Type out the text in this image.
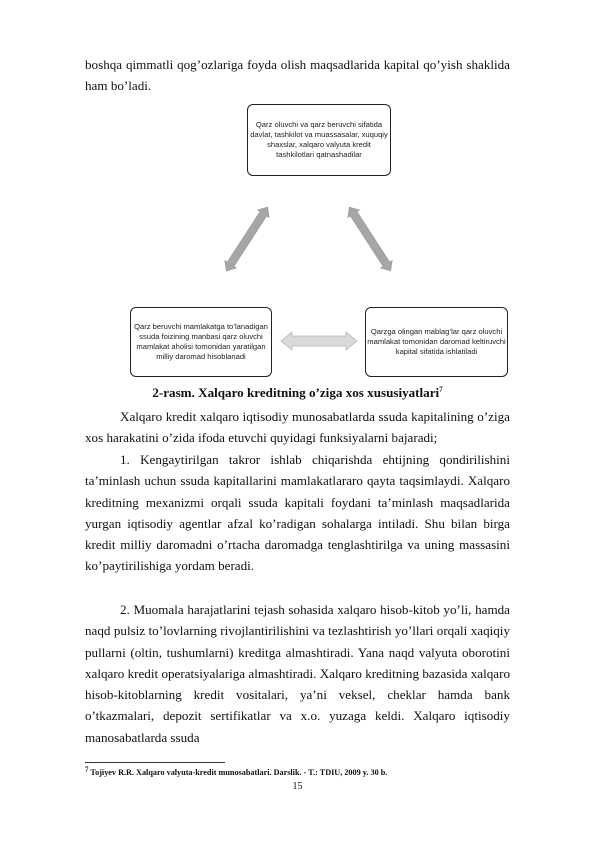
boshqa qimmatli qog’ozlariga foyda olish maqsadlarida kapital qo’yish shaklida ham bo’ladi.

Qarz oluvchi va qarz beruvchi sifatida davlat, tashkilot va muassasalar, xuquqiy shaxslar, xalqaro valyuta kredit tashkilotlari qatnashadilar
Qarz beruvchi mamlakatga to’lanadigan ssuda foizining manbasi qarz oluvchi mamlakat aholisi tomonidan yaratilgan milliy daromad hisoblanadi
Qarzga olingan mablag’lar qarz oluvchi mamlakat tomonidan daromad keltiruvchi kapital sifatida ishlatiladi
2-rasm. Xalqaro kreditning o’ziga xos xususiyatlari$^7$

Xalqaro kredit xalqaro iqtisodiy munosabatlarda ssuda kapitalining o’ziga xos harakatini o’zida ifoda etuvchi quyidagi funksiyalarni bajaradi;

1. Kengaytirilgan takror ishlab chiqarishda ehtijning qondirilishini ta’minlash uchun ssuda kapitallarini mamlakatlararo qayta taqsimlaydi. Xalqaro kreditning mexanizmi orqali ssuda kapitali foydani ta’minlash maqsadlarida yurgan iqtisodiy agentlar afzal ko’radigan sohalarga intiladi. Shu bilan birga kredit milliy daromadni o’rtacha daromadga tenglashtirilga va uning massasini ko’paytirilishiga yordam beradi.

2. Muomala harajatlarini tejash sohasida xalqaro hisob-kitob yo’li, hamda naqd pulsiz to’lovlarning rivojlantirilishini va tezlashtirish yo’llari orqali xaqiqiy pullarni (oltin, tushumlarni) kreditga almashtiradi. Yana naqd valyuta oborotini xalqaro kredit operatsiyalariga almashtiradi. Xalqaro kreditning bazasida xalqaro hisob-kitoblarning kredit vositalari, ya’ni veksel, cheklar hamda bank o’tkazmalari, depozit sertifikatlar va x.o. yuzaga keldi. Xalqaro iqtisodiy manosabatlarda ssuda

$^7$ Tojiyev R.R. Xalqaro valyuta-kredit munosabatlari. Darslik. - T.: TDIU, 2009 y. 30 b.
15
